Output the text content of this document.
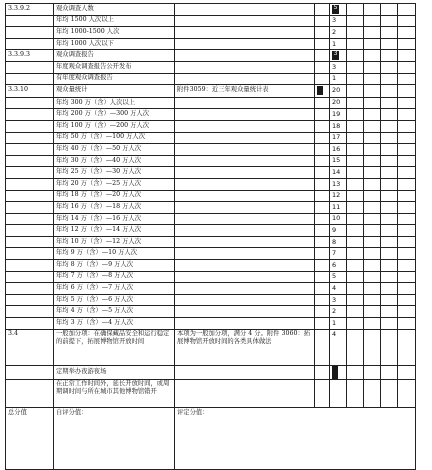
3.3.9.2	观众调查人数			5				
	年均 1500 人次以上			3				
	年均 1000-1500 人次			2				
	年均 1000 人次以下			1				
3.3.9.3	观众调查报告			3				
	年度观众调查报告公开发布			3				
	有年度观众调查报告			1				
3.3.10	观众量统计	附件3059：近三年观众量统计表		20				
	年均 300 万（含）人次以上			20				
	年均 200 万（含）—300 万人次			19				
	年均 100 万（含）—200 万人次			18				
	年均 50 万（含）—100 万人次			17				
	年均 40 万（含）—50 万人次			16				
	年均 30 万（含）—40 万人次			15				
	年均 25 万（含）—30 万人次			14				
	年均 20 万（含）—25 万人次			13				
	年均 18 万（含）—20 万人次			12				
	年均 16 万（含）—18 万人次			11				
	年均 14 万（含）—16 万人次			10				
	年均 12 万（含）—14 万人次			9				
	年均 10 万（含）—12 万人次			8				
	年均 9 万（含）—10 万人次			7				
	年均 8 万（含）—9 万人次			6				
	年均 7 万（含）—8 万人次			5				
	年均 6 万（含）—7 万人次			4				
	年均 5 万（含）—6 万人次			3				
	年均 4 万（含）—5 万人次			2				
	年均 3 万（含）—4 万人次			1				
3.4	一般加分项：在确保藏品安全和运行稳定的前提下，拓展博物馆开放时间	本项为一般加分项，满分 4 分。附件 3060：拓展博物馆开放时间的各类具体做法		4				
	定期举办夜游夜场							
	在正常工作时间外，延长开放时间，或周期调时间与所在城市其他博物馆错开							
总分值	自评分值：	评定分值：						
